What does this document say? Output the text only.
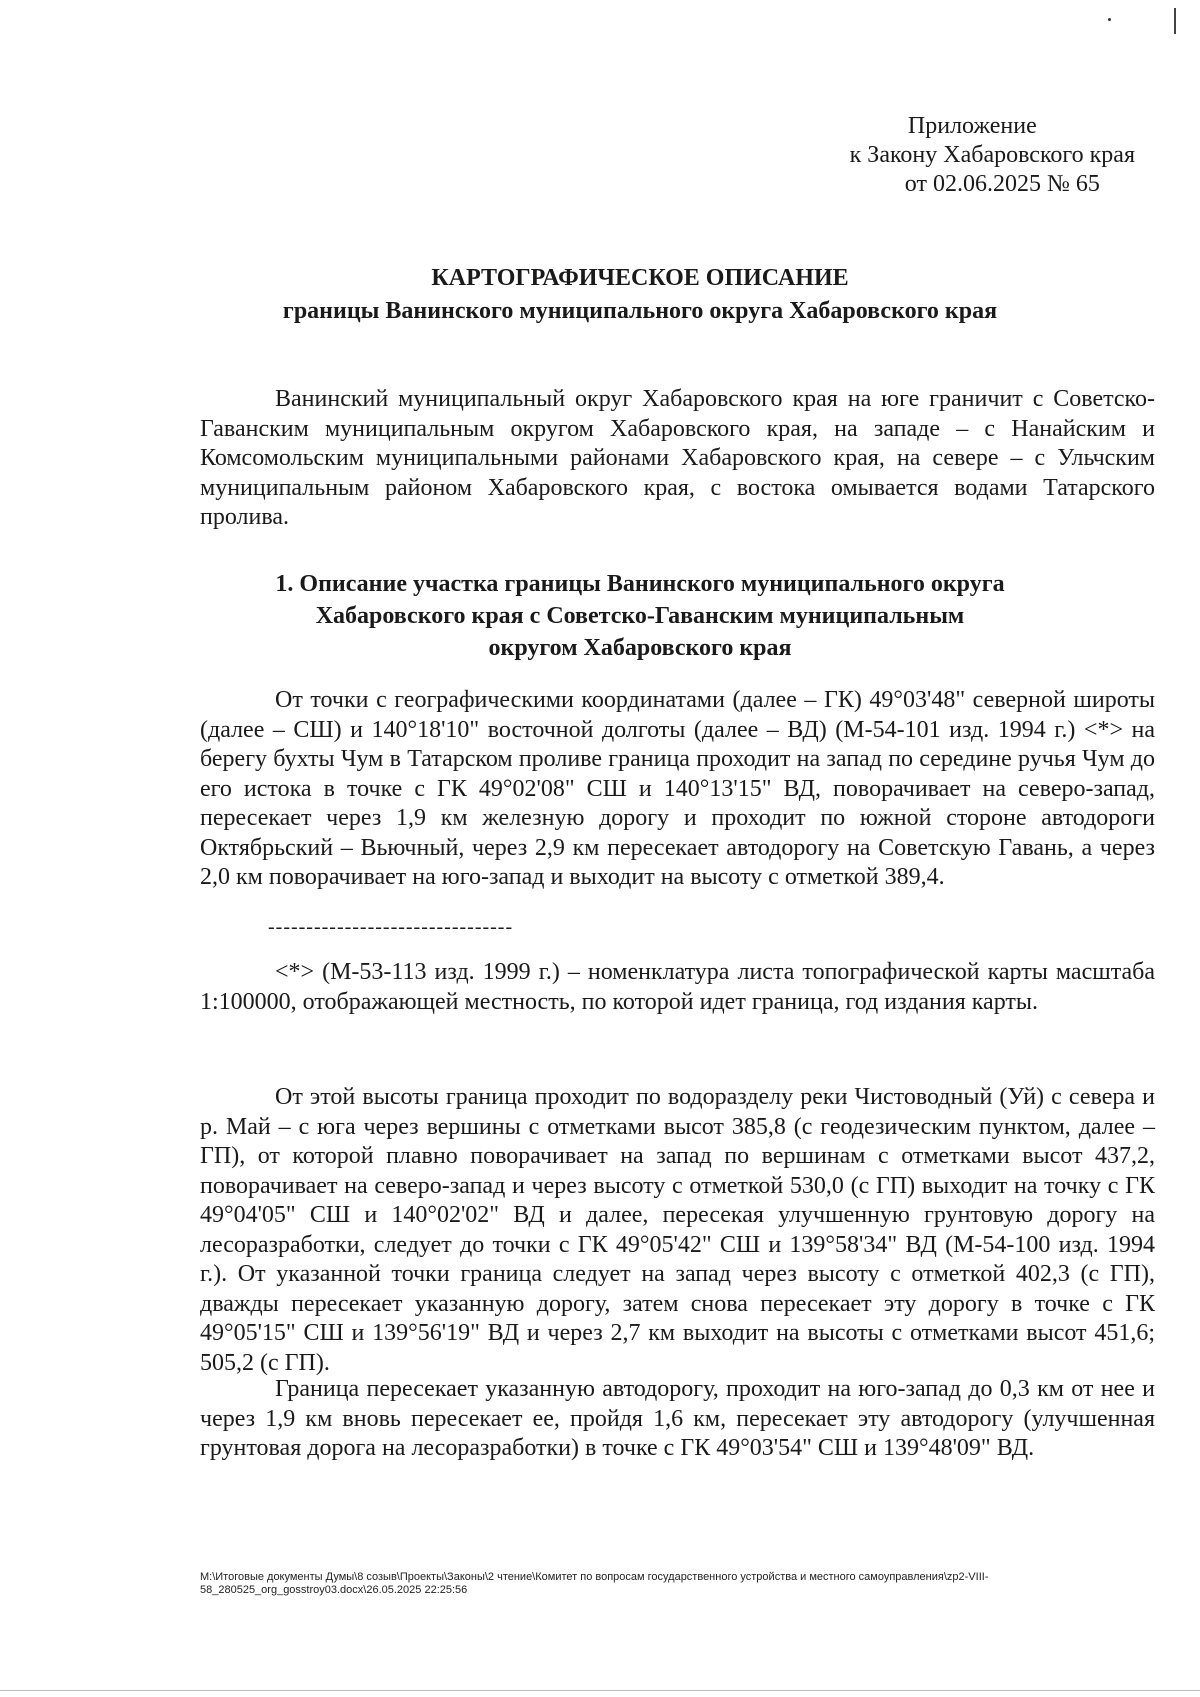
Приложение
к Закону Хабаровского края
от 02.06.2025 № 65
КАРТОГРАФИЧЕСКОЕ ОПИСАНИЕ
границы Ванинского муниципального округа Хабаровского края

Ванинский муниципальный округ Хабаровского края на юге граничит с Советско-Гаванским муниципальным округом Хабаровского края, на западе – с Нанайским и Комсомольским муниципальными районами Хабаровского края, на севере – с Ульчским муниципальным районом Хабаровского края, с востока омывается водами Татарского пролива.

1. Описание участка границы Ванинского муниципального округа
Хабаровского края с Советско-Гаванским муниципальным
округом Хабаровского края

От точки с географическими координатами (далее – ГК) 49°03'48" северной широты (далее – СШ) и 140°18'10" восточной долготы (далее – ВД) (М-54-101 изд. 1994 г.) <*> на берегу бухты Чум в Татарском проливе граница проходит на запад по середине ручья Чум до его истока в точке с ГК 49°02'08" СШ и 140°13'15" ВД, поворачивает на северо-запад, пересекает через 1,9 км железную дорогу и проходит по южной стороне автодороги Октябрьский – Вьючный, через 2,9 км пересекает автодорогу на Советскую Гавань, а через 2,0 км поворачивает на юго-запад и выходит на высоту с отметкой 389,4.

--------------------------------

<*> (М-53-113 изд. 1999 г.) – номенклатура листа топографической карты масштаба 1:100000, отображающей местность, по которой идет граница, год издания карты.

От этой высоты граница проходит по водоразделу реки Чистоводный (Уй) с севера и р. Май – с юга через вершины с отметками высот 385,8 (с геодезическим пунктом, далее – ГП), от которой плавно поворачивает на запад по вершинам с отметками высот 437,2, поворачивает на северо-запад и через высоту с отметкой 530,0 (с ГП) выходит на точку с ГК 49°04'05" СШ и 140°02'02" ВД и далее, пересекая улучшенную грунтовую дорогу на лесоразработки, следует до точки с ГК 49°05'42" СШ и 139°58'34" ВД (М-54-100 изд. 1994 г.). От указанной точки граница следует на запад через высоту с отметкой 402,3 (с ГП), дважды пересекает указанную дорогу, затем снова пересекает эту дорогу в точке с ГК 49°05'15" СШ и 139°56'19" ВД и через 2,7 км выходит на высоты с отметками высот 451,6; 505,2 (с ГП).

Граница пересекает указанную автодорогу, проходит на юго-запад до 0,3 км от нее и через 1,9 км вновь пересекает ее, пройдя 1,6 км, пересекает эту автодорогу (улучшенная грунтовая дорога на лесоразработки) в точке с ГК 49°03'54" СШ и 139°48'09" ВД.

M:\Итоговые документы Думы\8 созыв\Проекты\Законы\2 чтение\Комитет по вопросам государственного устройства и местного самоуправления\zp2-VIII-58_280525_org_gosstroy03.docx\26.05.2025 22:25:56
